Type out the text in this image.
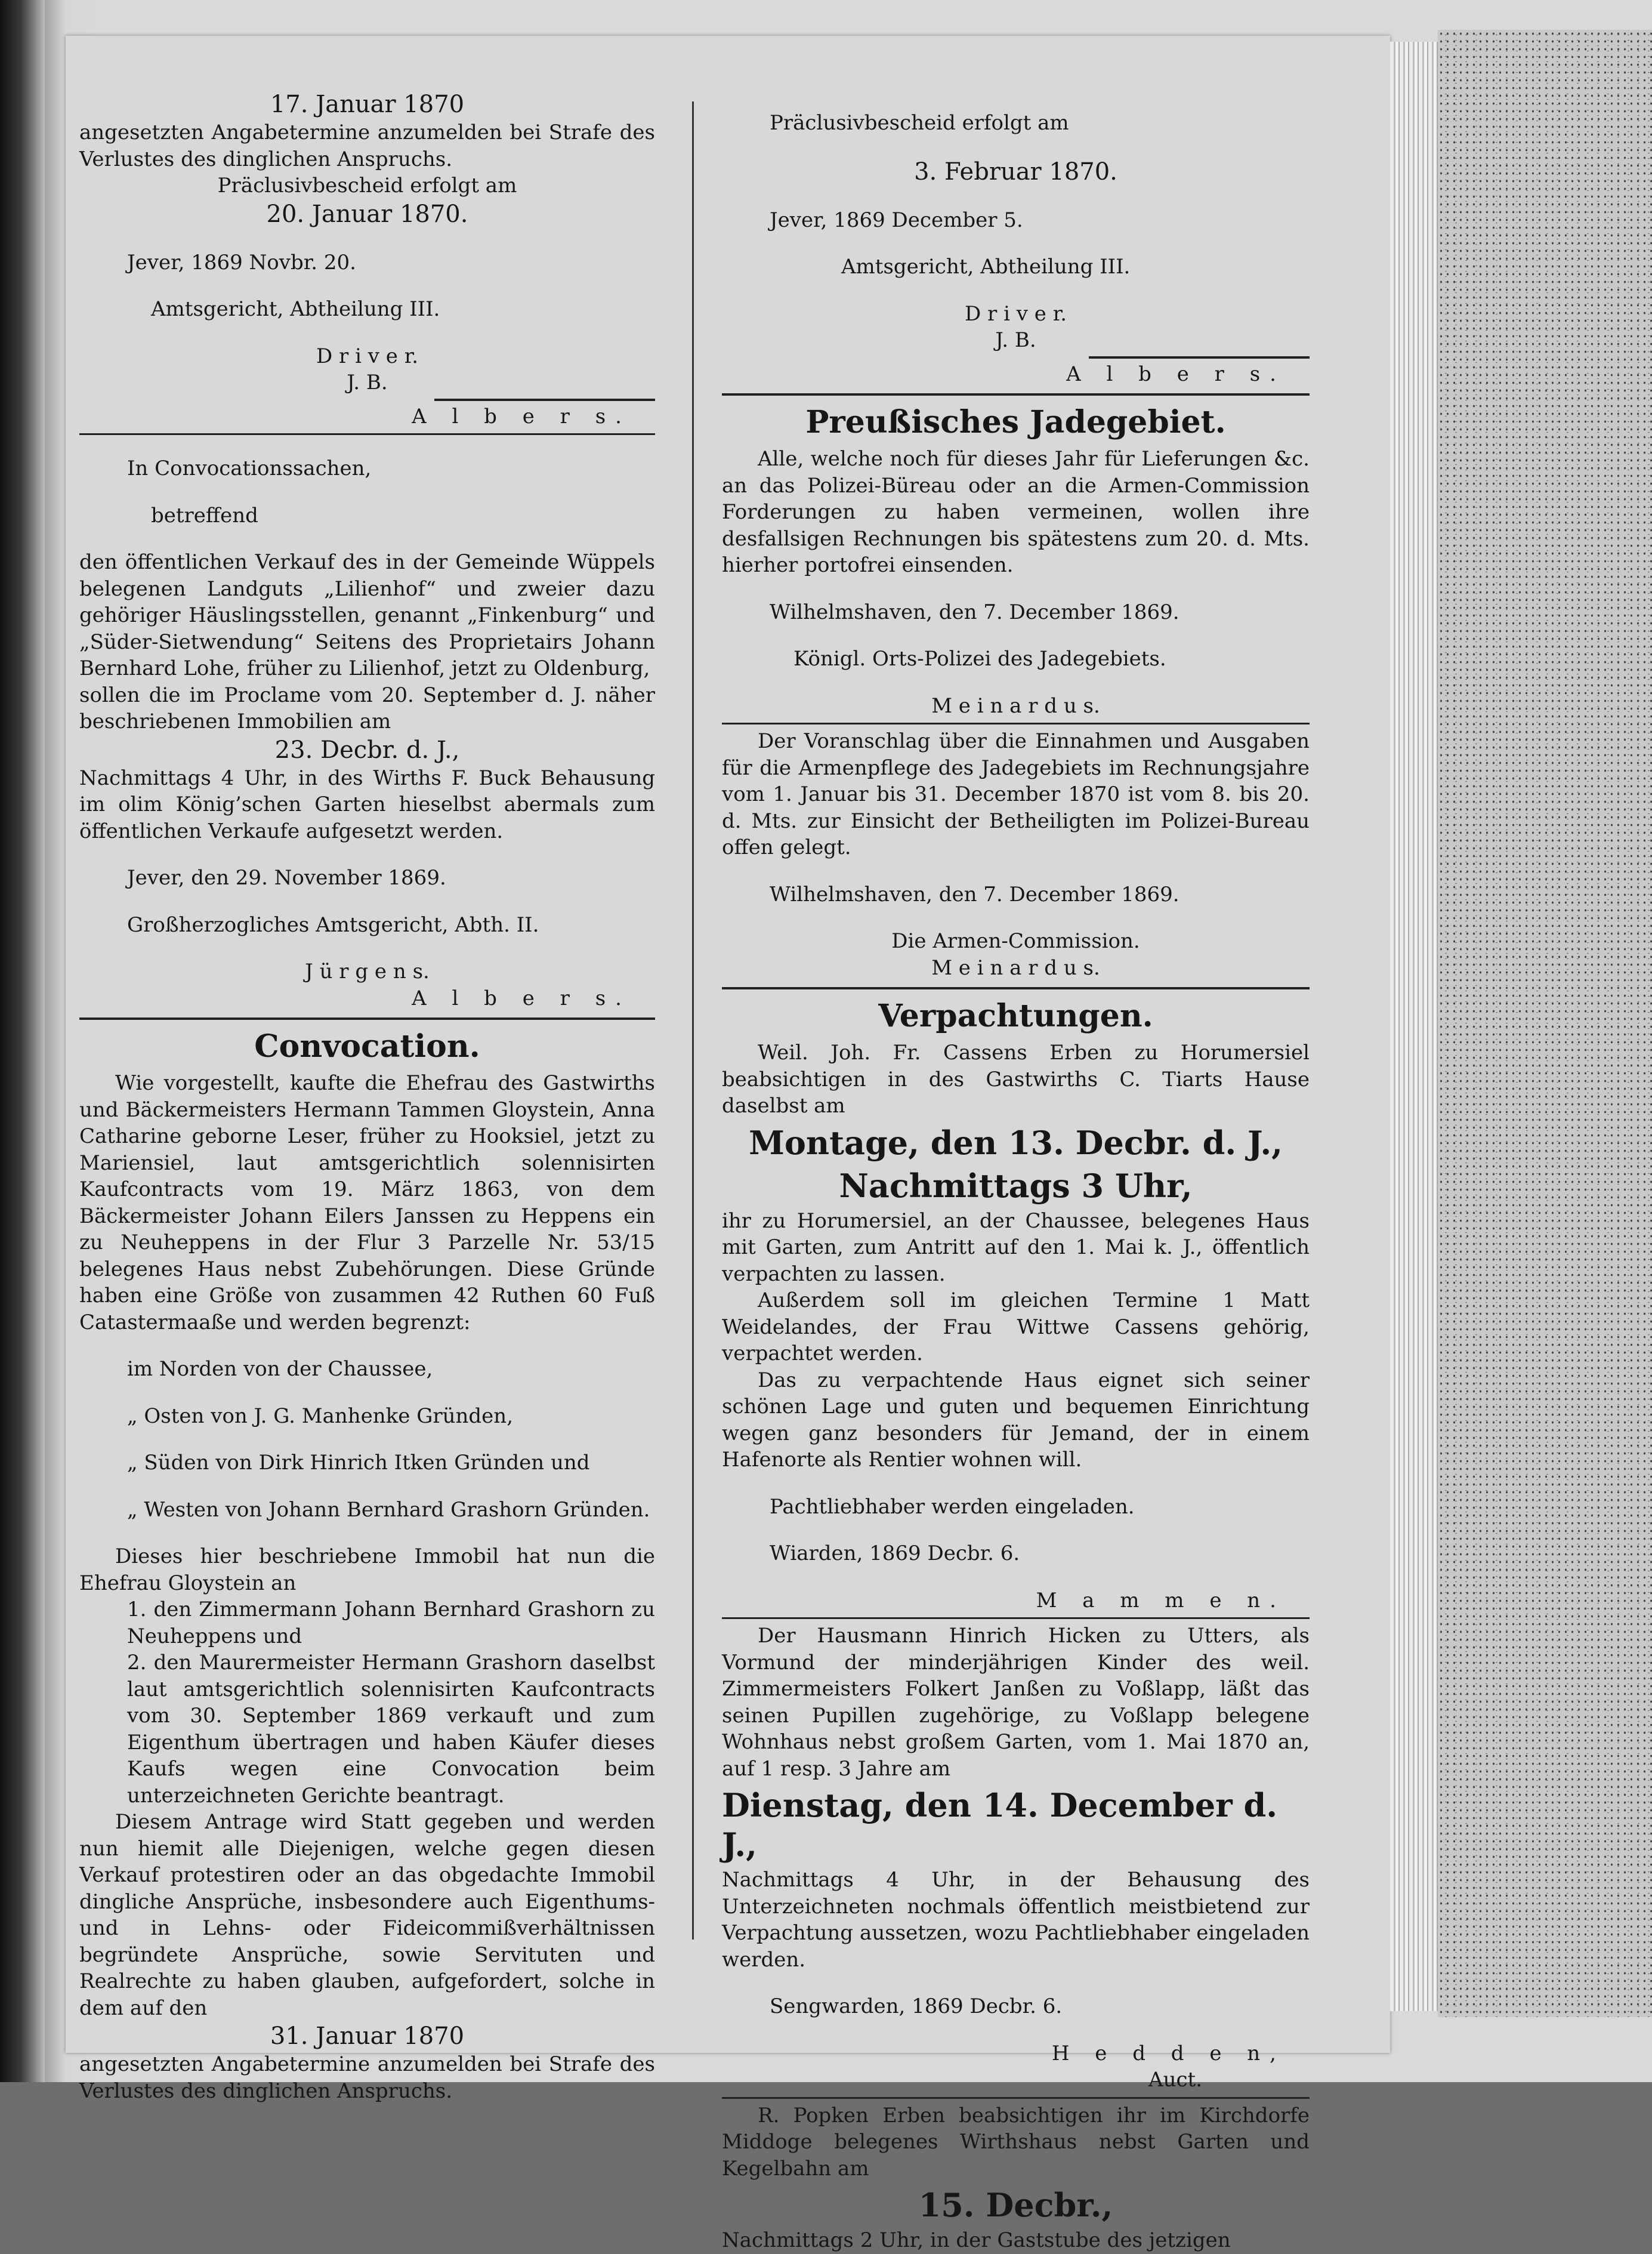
17. Januar 1870

angesetzten Angabetermine anzumelden bei Strafe des Verlustes des dinglichen Anspruchs.

Präclusivbescheid erfolgt am

20. Januar 1870.

Jever, 1869 Novbr. 20.

Amtsgericht, Abtheilung III.

D r i v e r.

J. B.

A l b e r s.

In Convocationssachen,

betreffend

den öffentlichen Verkauf des in der Gemeinde Wüppels belegenen Landguts „Lilienhof“ und zweier dazu gehöriger Häuslingsstellen, genannt „Finkenburg“ und „Süder-Sietwendung“ Seitens des Proprietairs Johann Bernhard Lohe, früher zu Lilienhof, jetzt zu Oldenburg,

sollen die im Proclame vom 20. September d. J. näher beschriebenen Immobilien am

23. Decbr. d. J.,

Nachmittags 4 Uhr, in des Wirths F. Buck Behausung im olim König’schen Garten hieselbst abermals zum öffentlichen Verkaufe aufgesetzt werden.

Jever, den 29. November 1869.

Großherzogliches Amtsgericht, Abth. II.

J ü r g e n s.

A l b e r s.

Convocation.

Wie vorgestellt, kaufte die Ehefrau des Gastwirths und Bäckermeisters Hermann Tammen Gloystein, Anna Catharine geborne Leser, früher zu Hooksiel, jetzt zu Mariensiel, laut amtsgerichtlich solennisirten Kaufcontracts vom 19. März 1863, von dem Bäckermeister Johann Eilers Janssen zu Heppens ein zu Neuheppens in der Flur 3 Parzelle Nr. 53/15 belegenes Haus nebst Zubehörungen. Diese Gründe haben eine Größe von zusammen 42 Ruthen 60 Fuß Catastermaaße und werden begrenzt:

im Norden von der Chaussee,

„ Osten von J. G. Manhenke Gründen,

„ Süden von Dirk Hinrich Itken Gründen und

„ Westen von Johann Bernhard Grashorn Gründen.

Dieses hier beschriebene Immobil hat nun die Ehefrau Gloystein an

1. den Zimmermann Johann Bernhard Grashorn zu Neuheppens und

2. den Maurermeister Hermann Grashorn daselbst laut amtsgerichtlich solennisirten Kaufcontracts vom 30. September 1869 verkauft und zum Eigenthum übertragen und haben Käufer dieses Kaufs wegen eine Convocation beim unterzeichneten Gerichte beantragt.

Diesem Antrage wird Statt gegeben und werden nun hiemit alle Diejenigen, welche gegen diesen Verkauf protestiren oder an das obgedachte Immobil dingliche Ansprüche, insbesondere auch Eigenthums- und in Lehns- oder Fideicommißverhältnissen begründete Ansprüche, sowie Servituten und Realrechte zu haben glauben, aufgefordert, solche in dem auf den

31. Januar 1870

angesetzten Angabetermine anzumelden bei Strafe des Verlustes des dinglichen Anspruchs.

Präclusivbescheid erfolgt am

3. Februar 1870.

Jever, 1869 December 5.

Amtsgericht, Abtheilung III.

D r i v e r.

J. B.

A l b e r s.

Preußisches Jadegebiet.

Alle, welche noch für dieses Jahr für Lieferungen &c. an das Polizei-Büreau oder an die Armen-Commission Forderungen zu haben vermeinen, wollen ihre desfallsigen Rechnungen bis spätestens zum 20. d. Mts. hierher portofrei einsenden.

Wilhelmshaven, den 7. December 1869.

Königl. Orts-Polizei des Jadegebiets.

M e i n a r d u s.

Der Voranschlag über die Einnahmen und Ausgaben für die Armenpflege des Jadegebiets im Rechnungsjahre vom 1. Januar bis 31. December 1870 ist vom 8. bis 20. d. Mts. zur Einsicht der Betheiligten im Polizei-Bureau offen gelegt.

Wilhelmshaven, den 7. December 1869.

Die Armen-Commission.

M e i n a r d u s.

Verpachtungen.

Weil. Joh. Fr. Cassens Erben zu Horumersiel beabsichtigen in des Gastwirths C. Tiarts Hause daselbst am

Montage, den 13. Decbr. d. J.,

Nachmittags 3 Uhr,

ihr zu Horumersiel, an der Chaussee, belegenes Haus mit Garten, zum Antritt auf den 1. Mai k. J., öffentlich verpachten zu lassen.

Außerdem soll im gleichen Termine 1 Matt Weidelandes, der Frau Wittwe Cassens gehörig, verpachtet werden.

Das zu verpachtende Haus eignet sich seiner schönen Lage und guten und bequemen Einrichtung wegen ganz besonders für Jemand, der in einem Hafenorte als Rentier wohnen will.

Pachtliebhaber werden eingeladen.

Wiarden, 1869 Decbr. 6.

M a m m e n.

Der Hausmann Hinrich Hicken zu Utters, als Vormund der minderjährigen Kinder des weil. Zimmermeisters Folkert Janßen zu Voßlapp, läßt das seinen Pupillen zugehörige, zu Voßlapp belegene Wohnhaus nebst großem Garten, vom 1. Mai 1870 an, auf 1 resp. 3 Jahre am

Dienstag, den 14. December d. J.,

Nachmittags 4 Uhr, in der Behausung des Unterzeichneten nochmals öffentlich meistbietend zur Verpachtung aussetzen, wozu Pachtliebhaber eingeladen werden.

Sengwarden, 1869 Decbr. 6.

H e d d e n,

Auct.

R. Popken Erben beabsichtigen ihr im Kirchdorfe Middoge belegenes Wirthshaus nebst Garten und Kegelbahn am

15. Decbr.,

Nachmittags 2 Uhr, in der Gaststube des jetzigen
